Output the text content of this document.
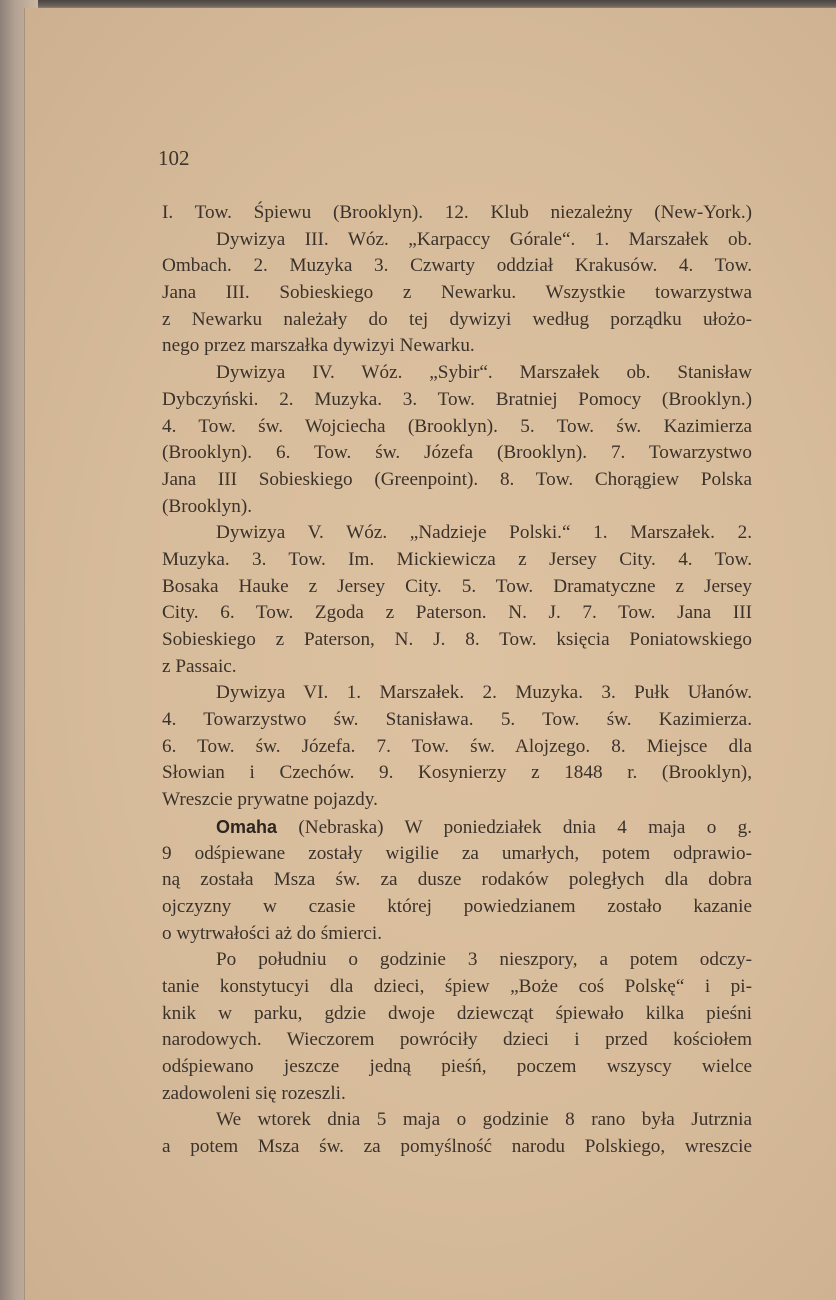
102
I. Tow. Śpiewu (Brooklyn). 12. Klub niezależny (New-York.)
Dywizya III. Wóz. „Karpaccy Górale“. 1. Marszałek ob.
Ombach. 2. Muzyka 3. Czwarty oddział Krakusów. 4. Tow.
Jana III. Sobieskiego z Newarku. Wszystkie towarzystwa
z Newarku należały do tej dywizyi według porządku ułożo-
nego przez marszałka dywizyi Newarku.
Dywizya IV. Wóz. „Sybir“. Marszałek ob. Stanisław
Dybczyński. 2. Muzyka. 3. Tow. Bratniej Pomocy (Brooklyn.)
4. Tow. św. Wojciecha (Brooklyn). 5. Tow. św. Kazimierza
(Brooklyn). 6. Tow. św. Józefa (Brooklyn). 7. Towarzystwo
Jana III Sobieskiego (Greenpoint). 8. Tow. Chorągiew Polska
(Brooklyn).
Dywizya V. Wóz. „Nadzieje Polski.“ 1. Marszałek. 2.
Muzyka. 3. Tow. Im. Mickiewicza z Jersey City. 4. Tow.
Bosaka Hauke z Jersey City. 5. Tow. Dramatyczne z Jersey
City. 6. Tow. Zgoda z Paterson. N. J. 7. Tow. Jana III
Sobieskiego z Paterson, N. J. 8. Tow. księcia Poniatowskiego
z Passaic.
Dywizya VI. 1. Marszałek. 2. Muzyka. 3. Pułk Ułanów.
4. Towarzystwo św. Stanisława. 5. Tow. św. Kazimierza.
6. Tow. św. Józefa. 7. Tow. św. Alojzego. 8. Miejsce dla
Słowian i Czechów. 9. Kosynierzy z 1848 r. (Brooklyn),
Wreszcie prywatne pojazdy.
Omaha (Nebraska) W poniedziałek dnia 4 maja o g.
9 odśpiewane zostały wigilie za umarłych, potem odprawio-
ną została Msza św. za dusze rodaków poległych dla dobra
ojczyzny w czasie której powiedzianem zostało kazanie
o wytrwałości aż do śmierci.
Po południu o godzinie 3 nieszpory, a potem odczy-
tanie konstytucyi dla dzieci, śpiew „Boże coś Polskę“ i pi-
knik w parku, gdzie dwoje dziewcząt śpiewało kilka pieśni
narodowych. Wieczorem powróciły dzieci i przed kościołem
odśpiewano jeszcze jedną pieśń, poczem wszyscy wielce
zadowoleni się rozeszli.
We wtorek dnia 5 maja o godzinie 8 rano była Jutrznia
a potem Msza św. za pomyślność narodu Polskiego, wreszcie
